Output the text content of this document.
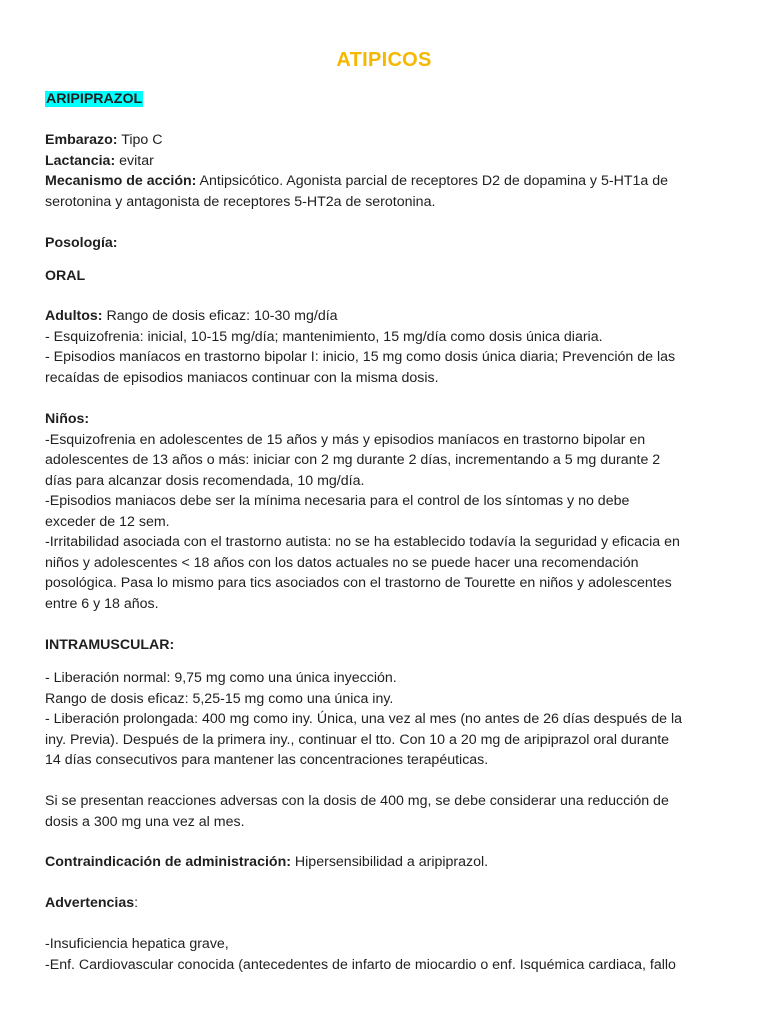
ATIPICOS
ARIPIPRAZOL

Embarazo: Tipo C

Lactancia: evitar

Mecanismo de acción: Antipsicótico. Agonista parcial de receptores D2 de dopamina y 5-HT1a de

serotonina y antagonista de receptores 5-HT2a de serotonina.

Posología:
ORAL

Adultos: Rango de dosis eficaz: 10-30 mg/día

- Esquizofrenia: inicial, 10-15 mg/día; mantenimiento, 15 mg/día como dosis única diaria.

- Episodios maníacos en trastorno bipolar I: inicio, 15 mg como dosis única diaria; Prevención de las

recaídas de episodios maniacos continuar con la misma dosis.

Niños:

-Esquizofrenia en adolescentes de 15 años y más y episodios maníacos en trastorno bipolar en

adolescentes de 13 años o más: iniciar con 2 mg durante 2 días, incrementando a 5 mg durante 2

días para alcanzar dosis recomendada, 10 mg/día.

-Episodios maniacos debe ser la mínima necesaria para el control de los síntomas y no debe

exceder de 12 sem.

-Irritabilidad asociada con el trastorno autista: no se ha establecido todavía la seguridad y eficacia en

niños y adolescentes < 18 años con los datos actuales no se puede hacer una recomendación

posológica. Pasa lo mismo para tics asociados con el trastorno de Tourette en niños y adolescentes

entre 6 y 18 años.

INTRAMUSCULAR:

- Liberación normal: 9,75 mg como una única inyección.

Rango de dosis eficaz: 5,25-15 mg como una única iny.

- Liberación prolongada: 400 mg como iny. Única, una vez al mes (no antes de 26 días después de la

iny. Previa). Después de la primera iny., continuar el tto. Con 10 a 20 mg de aripiprazol oral durante

14 días consecutivos para mantener las concentraciones terapéuticas.

Si se presentan reacciones adversas con la dosis de 400 mg, se debe considerar una reducción de

dosis a 300 mg una vez al mes.

Contraindicación de administración: Hipersensibilidad a aripiprazol.
Advertencias:

-Insuficiencia hepatica grave,

-Enf. Cardiovascular conocida (antecedentes de infarto de miocardio o enf. Isquémica cardiaca, fallo
